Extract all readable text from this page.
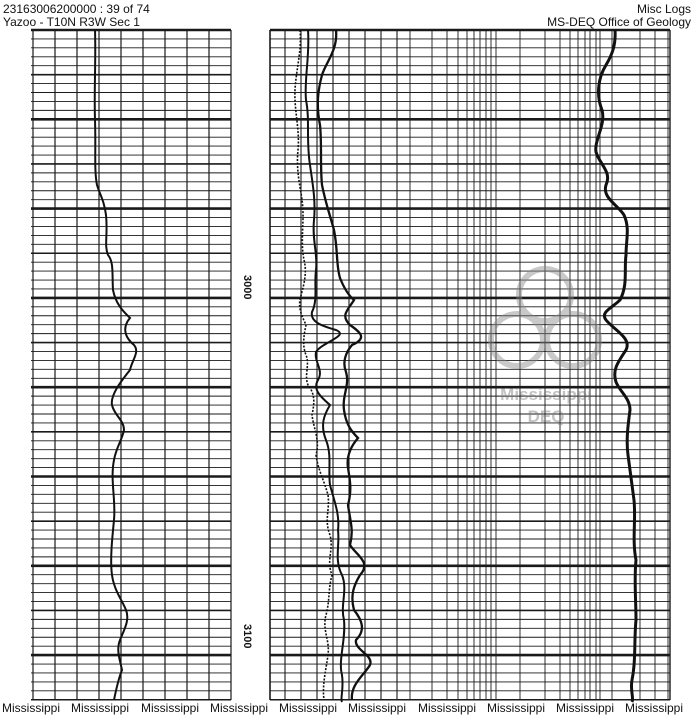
23163006200000 : 39 of 74
Yazoo - T10N R3W Sec 1
Misc Logs
MS-DEQ Office of Geology
3000
3100
Mississippi
DEQ
Mississippi Mississippi Mississippi Mississippi Mississippi Mississippi Mississippi Mississippi Mississippi Mississippi
